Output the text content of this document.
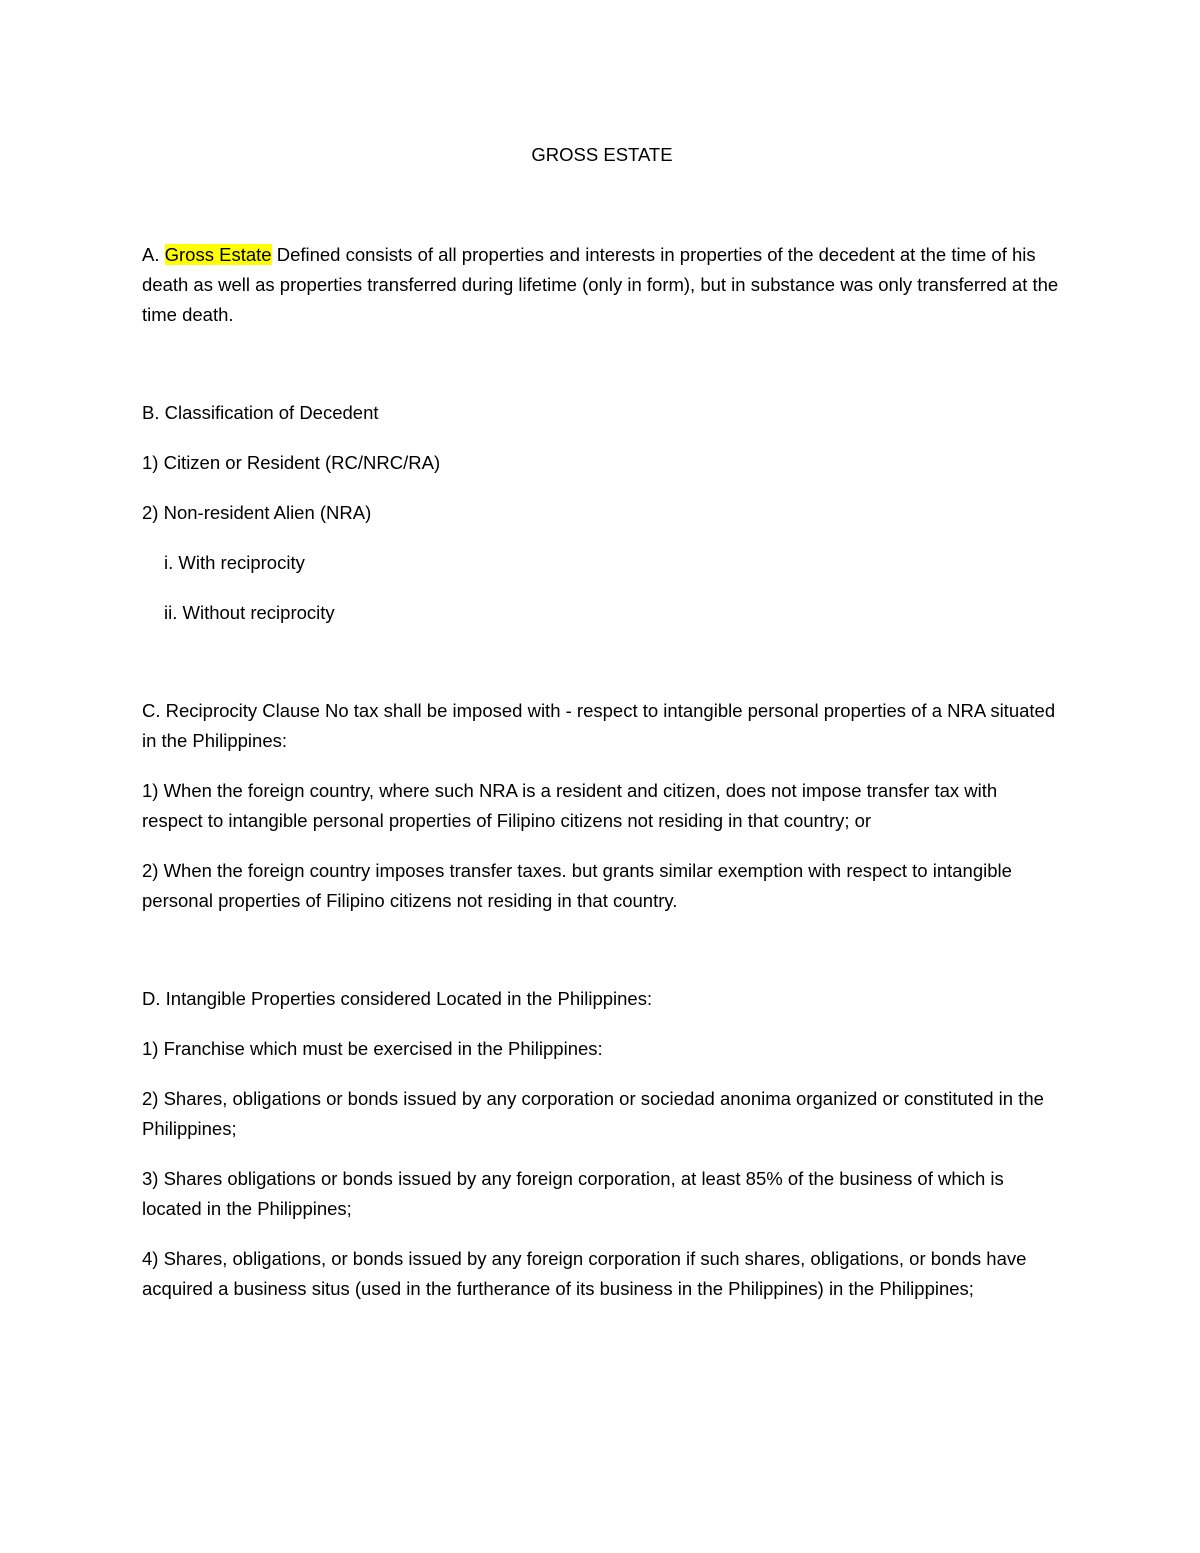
GROSS ESTATE

A. Gross Estate Defined consists of all properties and interests in properties of the decedent at the time of his death as well as properties transferred during lifetime (only in form), but in substance was only transferred at the time death.

B. Classification of Decedent

1) Citizen or Resident (RC/NRC/RA)

2) Non-resident Alien (NRA)

i. With reciprocity

ii. Without reciprocity

C. Reciprocity Clause No tax shall be imposed with - respect to intangible personal properties of a NRA situated in the Philippines:

1) When the foreign country, where such NRA is a resident and citizen, does not impose transfer tax with respect to intangible personal properties of Filipino citizens not residing in that country; or

2) When the foreign country imposes transfer taxes. but grants similar exemption with respect to intangible personal properties of Filipino citizens not residing in that country.

D. Intangible Properties considered Located in the Philippines:

1) Franchise which must be exercised in the Philippines:

2) Shares, obligations or bonds issued by any corporation or sociedad anonima organized or constituted in the Philippines;

3) Shares obligations or bonds issued by any foreign corporation, at least 85% of the business of which is located in the Philippines;

4) Shares, obligations, or bonds issued by any foreign corporation if such shares, obligations, or bonds have acquired a business situs (used in the furtherance of its business in the Philippines) in the Philippines;
